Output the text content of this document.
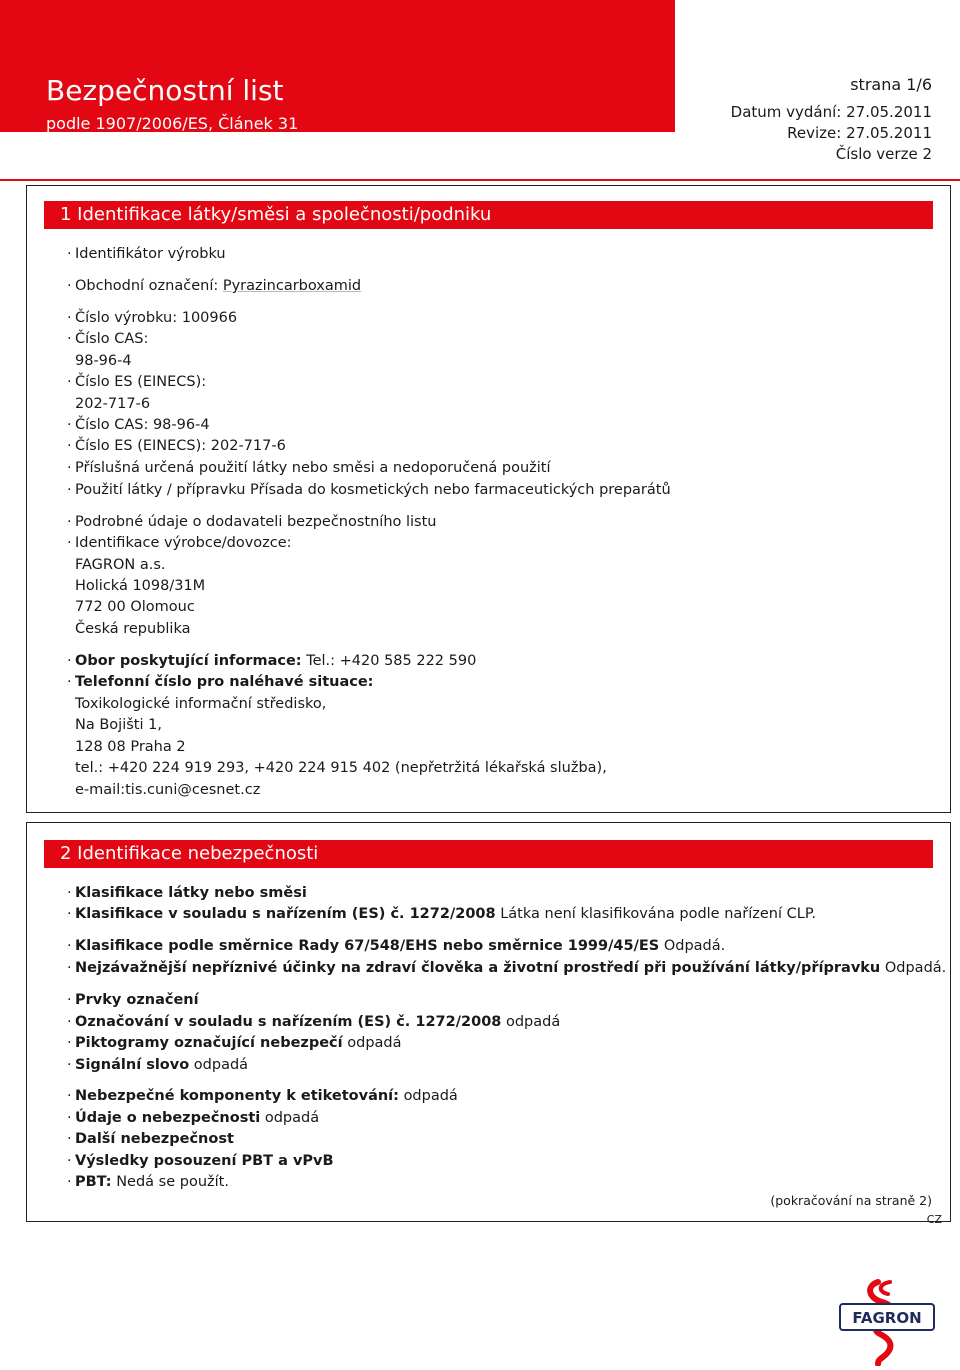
Bezpečnostní list
podle 1907/2006/ES, Článek 31
strana 1/6
Datum vydání: 27.05.2011
Revize: 27.05.2011
Číslo verze 2
1 Identifikace látky/směsi a společnosti/podniku
· Identifikátor výrobku
· Obchodní označení: Pyrazincarboxamid
· Číslo výrobku: 100966
· Číslo CAS:
98-96-4
· Číslo ES (EINECS):
202-717-6
· Číslo CAS: 98-96-4
· Číslo ES (EINECS): 202-717-6
· Příslušná určená použití látky nebo směsi a nedoporučená použití
· Použití látky / přípravku Přísada do kosmetických nebo farmaceutických preparátů
· Podrobné údaje o dodavateli bezpečnostního listu
· Identifikace výrobce/dovozce:
FAGRON a.s.
Holická 1098/31M
772 00 Olomouc
Česká republika
· Obor poskytující informace: Tel.: +420 585 222 590
· Telefonní číslo pro naléhavé situace:
Toxikologické informační středisko,
Na Bojišti 1,
128 08 Praha 2
tel.: +420 224 919 293, +420 224 915 402 (nepřetržitá lékařská služba),
e-mail:tis.cuni@cesnet.cz
2 Identifikace nebezpečnosti
· Klasifikace látky nebo směsi
· Klasifikace v souladu s nařízením (ES) č. 1272/2008 Látka není klasifikována podle nařízení CLP.
· Klasifikace podle směrnice Rady 67/548/EHS nebo směrnice 1999/45/ES Odpadá.
· Nejzávažnější nepříznivé účinky na zdraví člověka a životní prostředí při používání látky/přípravku Odpadá.
· Prvky označení
· Označování v souladu s nařízením (ES) č. 1272/2008 odpadá
· Piktogramy označující nebezpečí odpadá
· Signální slovo odpadá
· Nebezpečné komponenty k etiketování: odpadá
· Údaje o nebezpečnosti odpadá
· Další nebezpečnost
· Výsledky posouzení PBT a vPvB
· PBT: Nedá se použít.
(pokračování na straně 2)
CZ
FAGRON
